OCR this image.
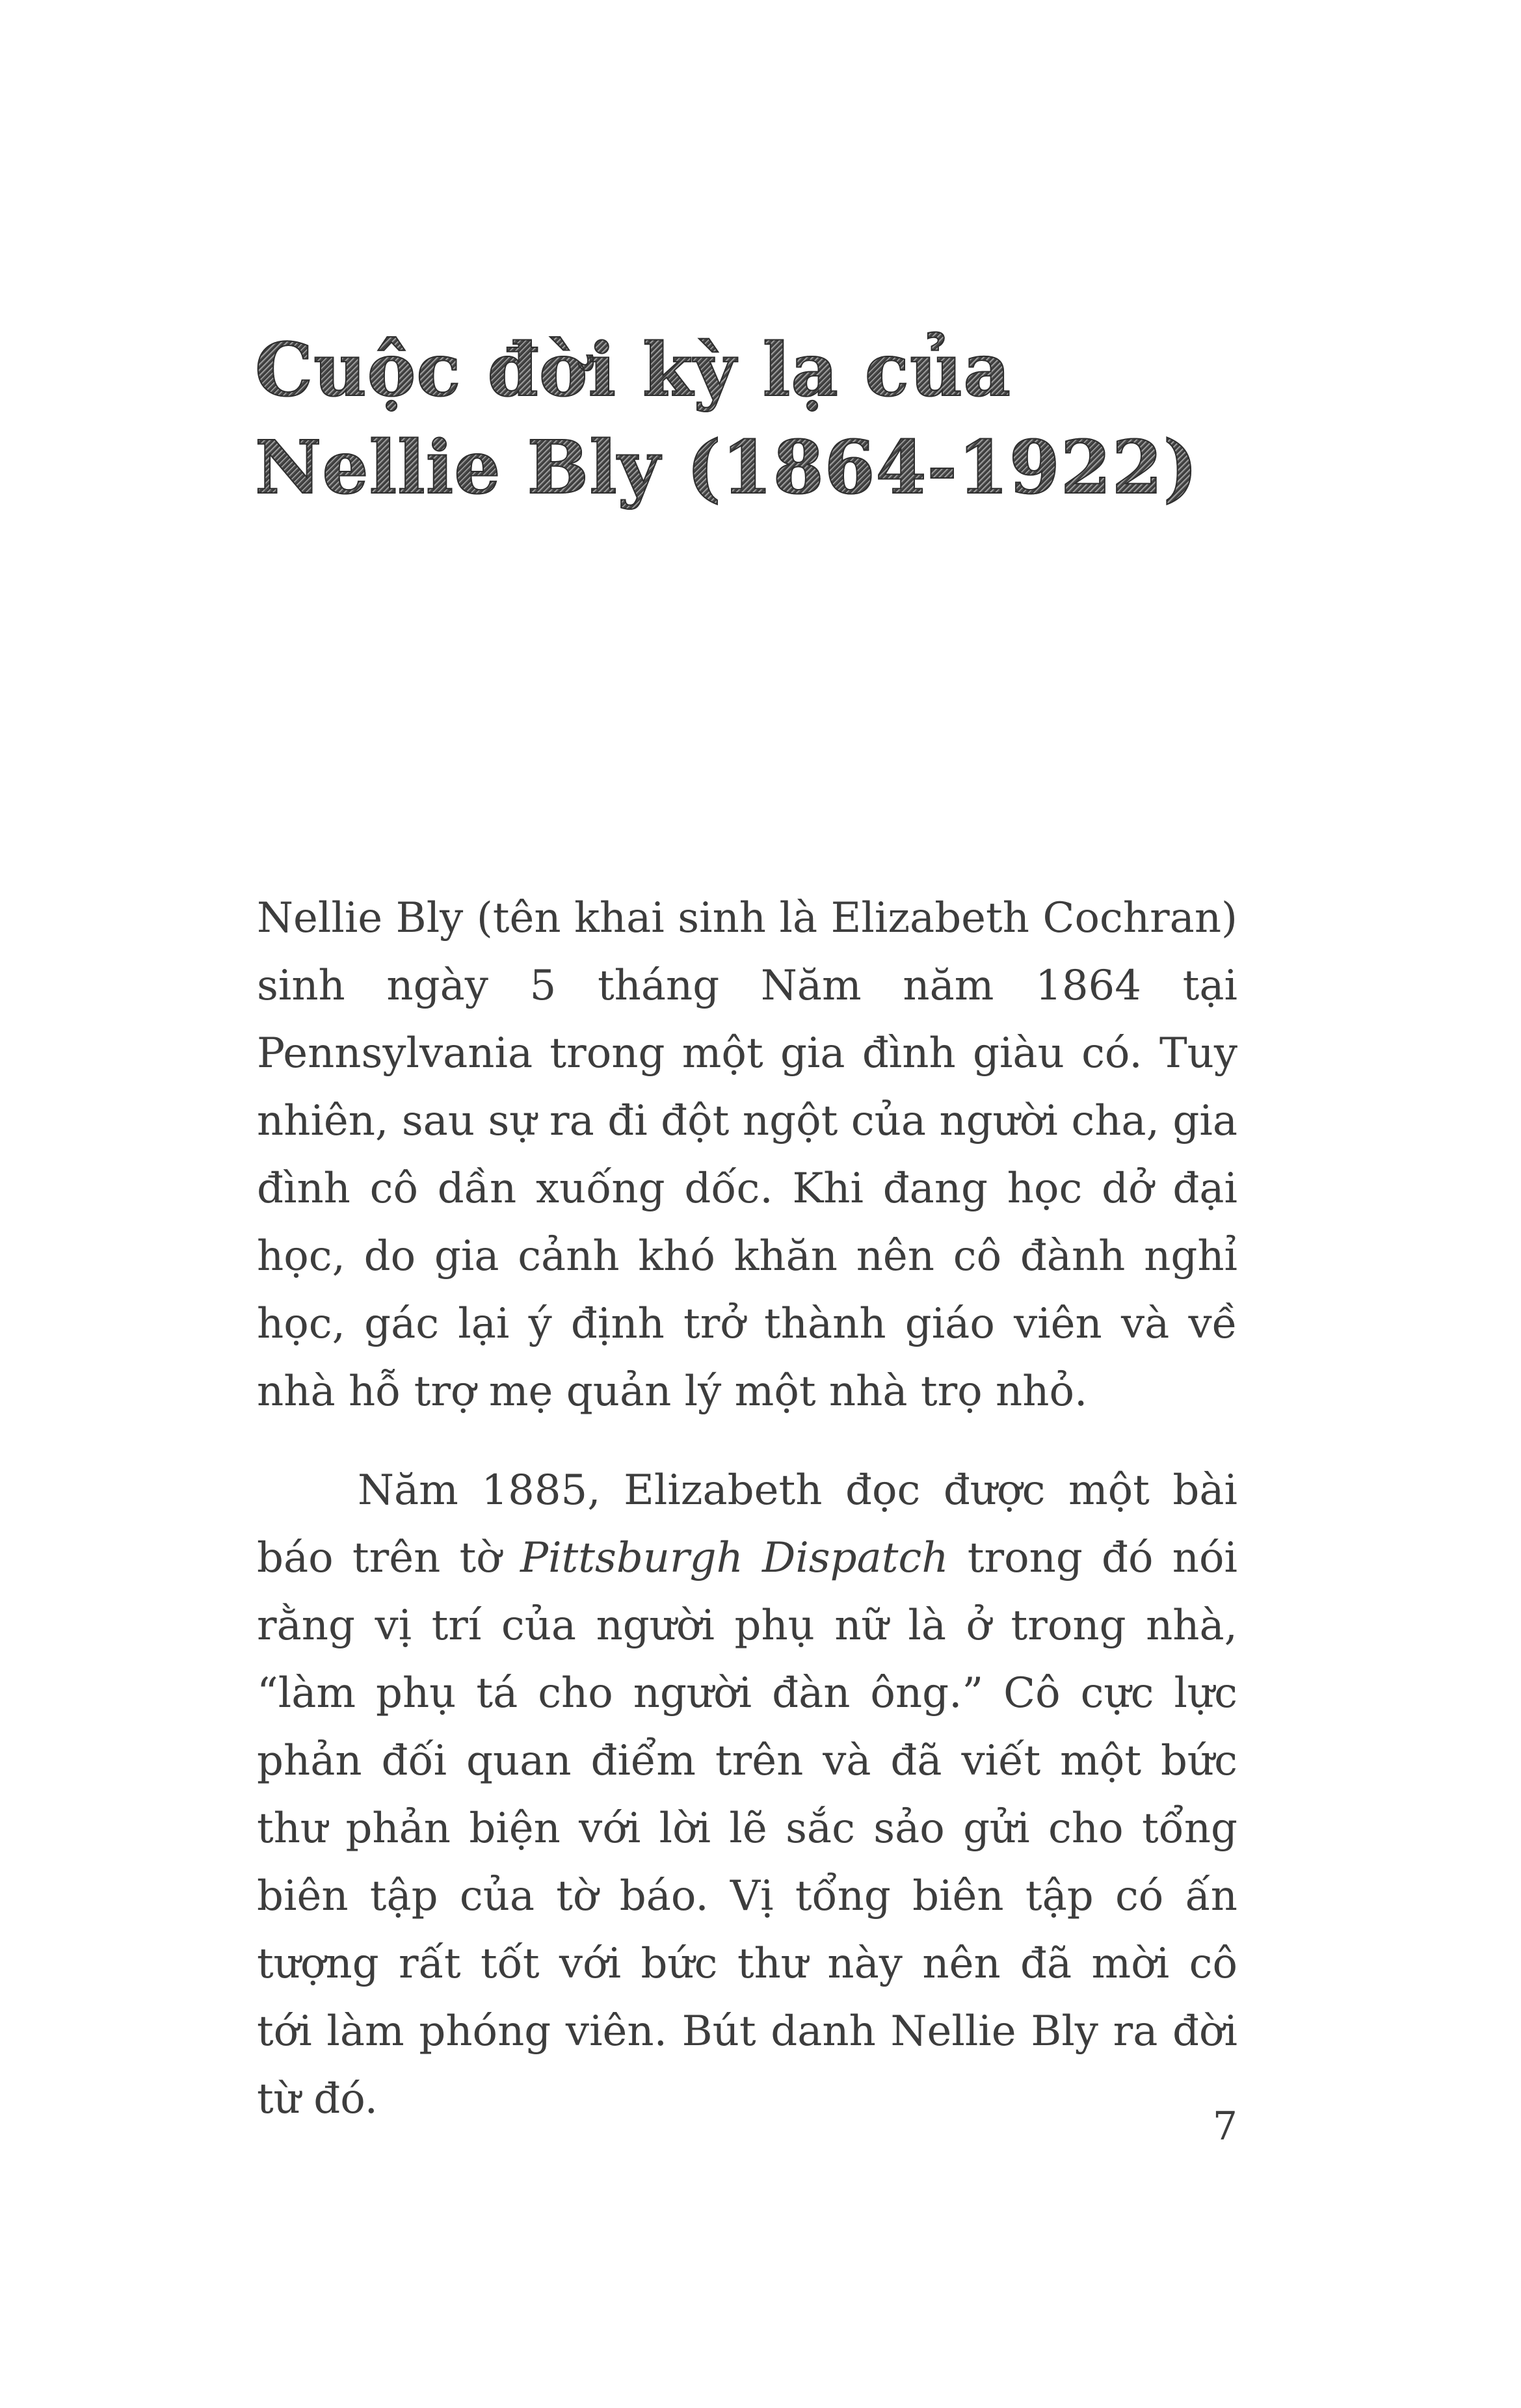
Cuộc đời kỳ lạ của
Nellie Bly (1864-1922)

Nellie Bly (tên khai sinh là Elizabeth Cochran) sinh ngày 5 tháng Năm năm 1864 tại Pennsylvania trong một gia đình giàu có. Tuy nhiên, sau sự ra đi đột ngột của người cha, gia đình cô dần xuống dốc. Khi đang học dở đại học, do gia cảnh khó khăn nên cô đành nghỉ học, gác lại ý định trở thành giáo viên và về nhà hỗ trợ mẹ quản lý một nhà trọ nhỏ.

Năm 1885, Elizabeth đọc được một bài báo trên tờ Pittsburgh Dispatch trong đó nói rằng vị trí của người phụ nữ là ở trong nhà, “làm phụ tá cho người đàn ông.” Cô cực lực phản đối quan điểm trên và đã viết một bức thư phản biện với lời lẽ sắc sảo gửi cho tổng biên tập của tờ báo. Vị tổng biên tập có ấn tượng rất tốt với bức thư này nên đã mời cô tới làm phóng viên. Bút danh Nellie Bly ra đời từ đó.

7
